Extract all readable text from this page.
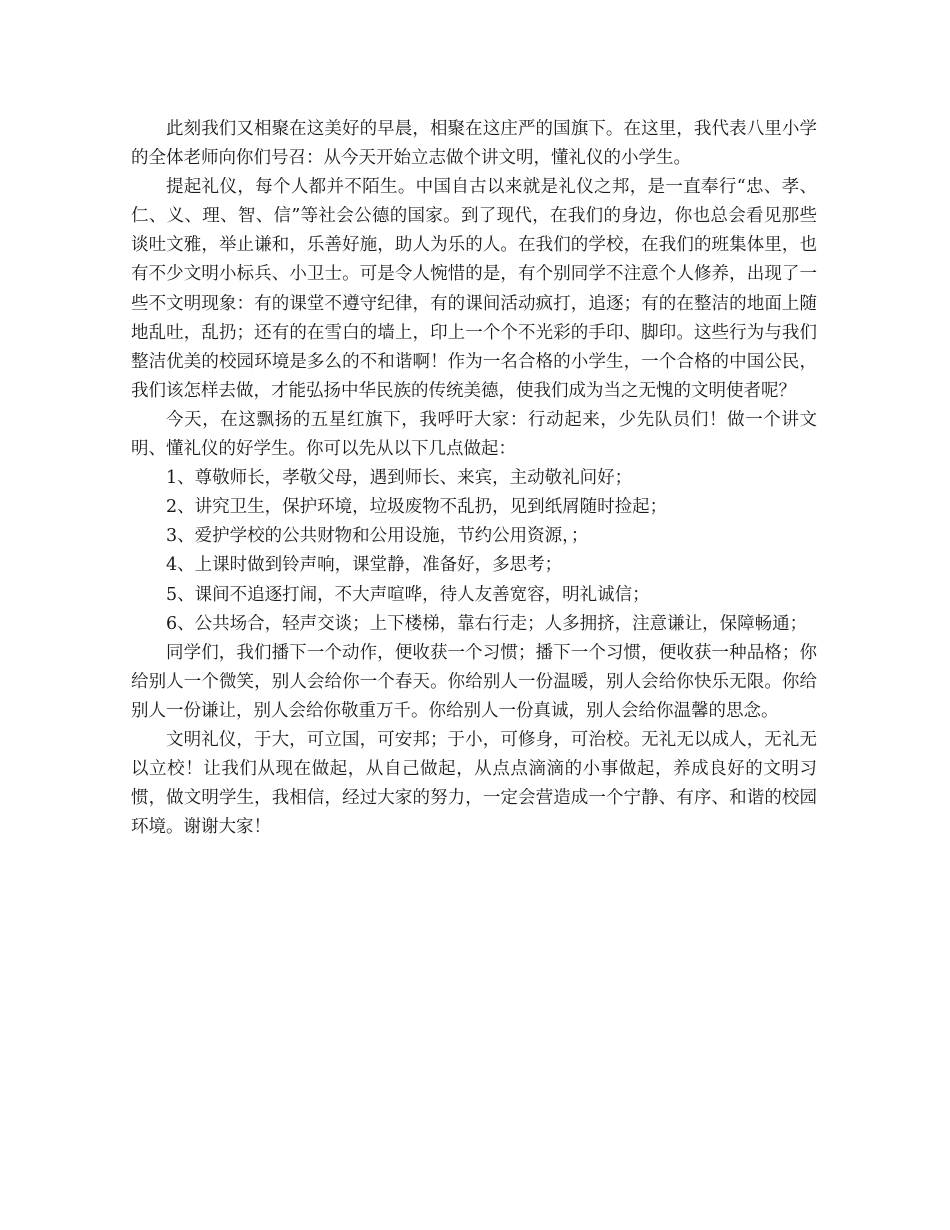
此刻我们又相聚在这美好的早晨，相聚在这庄严的国旗下。在这里，我代表八里小学的全体老师向你们号召：从今天开始立志做个讲文明，懂礼仪的小学生。

提起礼仪，每个人都并不陌生。中国自古以来就是礼仪之邦，是一直奉行“忠、孝、仁、义、理、智、信”等社会公德的国家。到了现代，在我们的身边，你也总会看见那些谈吐文雅，举止谦和，乐善好施，助人为乐的人。在我们的学校，在我们的班集体里，也有不少文明小标兵、小卫士。可是令人惋惜的是，有个别同学不注意个人修养，出现了一些不文明现象：有的课堂不遵守纪律，有的课间活动疯打，追逐；有的在整洁的地面上随地乱吐，乱扔；还有的在雪白的墙上，印上一个个不光彩的手印、脚印。这些行为与我们整洁优美的校园环境是多么的不和谐啊！作为一名合格的小学生，一个合格的中国公民，我们该怎样去做，才能弘扬中华民族的传统美德，使我们成为当之无愧的文明使者呢？

今天，在这飘扬的五星红旗下，我呼吁大家：行动起来，少先队员们！做一个讲文明、懂礼仪的好学生。你可以先从以下几点做起：

1、尊敬师长，孝敬父母，遇到师长、来宾，主动敬礼问好；

2、讲究卫生，保护环境，垃圾废物不乱扔，见到纸屑随时捡起；

3、爱护学校的公共财物和公用设施，节约公用资源，；

4、上课时做到铃声响，课堂静，准备好，多思考；

5、课间不追逐打闹，不大声喧哗，待人友善宽容，明礼诚信；

6、公共场合，轻声交谈；上下楼梯，靠右行走；人多拥挤，注意谦让，保障畅通；

同学们，我们播下一个动作，便收获一个习惯；播下一个习惯，便收获一种品格；你给别人一个微笑，别人会给你一个春天。你给别人一份温暖，别人会给你快乐无限。你给别人一份谦让，别人会给你敬重万千。你给别人一份真诚，别人会给你温馨的思念。

文明礼仪，于大，可立国，可安邦；于小，可修身，可治校。无礼无以成人，无礼无以立校！让我们从现在做起，从自己做起，从点点滴滴的小事做起，养成良好的文明习惯，做文明学生，我相信，经过大家的努力，一定会营造成一个宁静、有序、和谐的校园环境。谢谢大家！
